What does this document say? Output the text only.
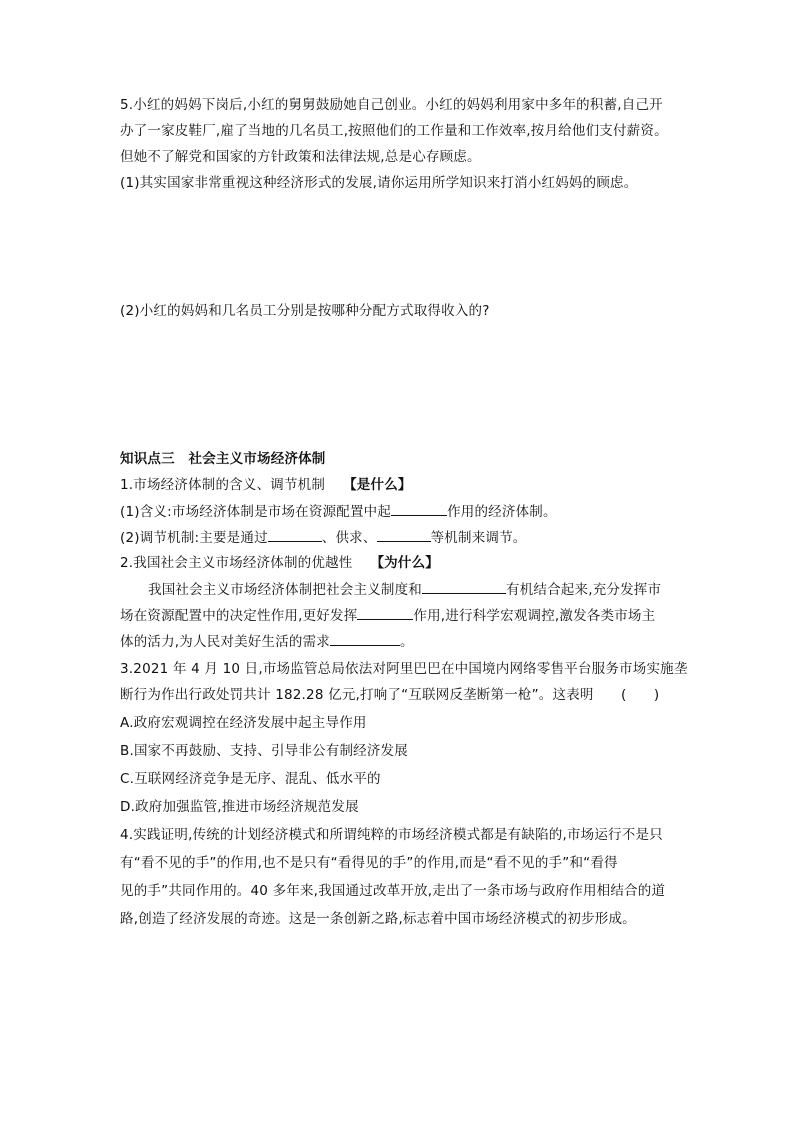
5.小红的妈妈下岗后,小红的舅舅鼓励她自己创业。小红的妈妈利用家中多年的积蓄,自己开
办了一家皮鞋厂,雇了当地的几名员工,按照他们的工作量和工作效率,按月给他们支付薪资。
但她不了解党和国家的方针政策和法律法规,总是心存顾虑。
(1)其实国家非常重视这种经济形式的发展,请你运用所学知识来打消小红妈妈的顾虑。
(2)小红的妈妈和几名员工分别是按哪种分配方式取得收入的?
知识点三　社会主义市场经济体制
1.市场经济体制的含义、调节机制 【是什么】
(1)含义:市场经济体制是市场在资源配置中起	作用的经济体制。
(2)调节机制:主要是通过	、供求、	等机制来调节。
2.我国社会主义市场经济体制的优越性 【为什么】
我国社会主义市场经济体制把社会主义制度和	有机结合起来,充分发挥市
场在资源配置中的决定性作用,更好发挥	作用,进行科学宏观调控,激发各类市场主
体的活力,为人民对美好生活的需求	。
3.2021 年 4 月 10 日,市场监管总局依法对阿里巴巴在中国境内网络零售平台服务市场实施垄
断行为作出行政处罚共计 182.28 亿元,打响了“互联网反垄断第一枪”。这表明　　(　　)
A.政府宏观调控在经济发展中起主导作用
B.国家不再鼓励、支持、引导非公有制经济发展
C.互联网经济竞争是无序、混乱、低水平的
D.政府加强监管,推进市场经济规范发展
4.实践证明,传统的计划经济模式和所谓纯粹的市场经济模式都是有缺陷的,市场运行不是只
有“看不见的手”的作用,也不是只有“看得见的手”的作用,而是“看不见的手”和“看得
见的手”共同作用的。40 多年来,我国通过改革开放,走出了一条市场与政府作用相结合的道
路,创造了经济发展的奇迹。这是一条创新之路,标志着中国市场经济模式的初步形成。
